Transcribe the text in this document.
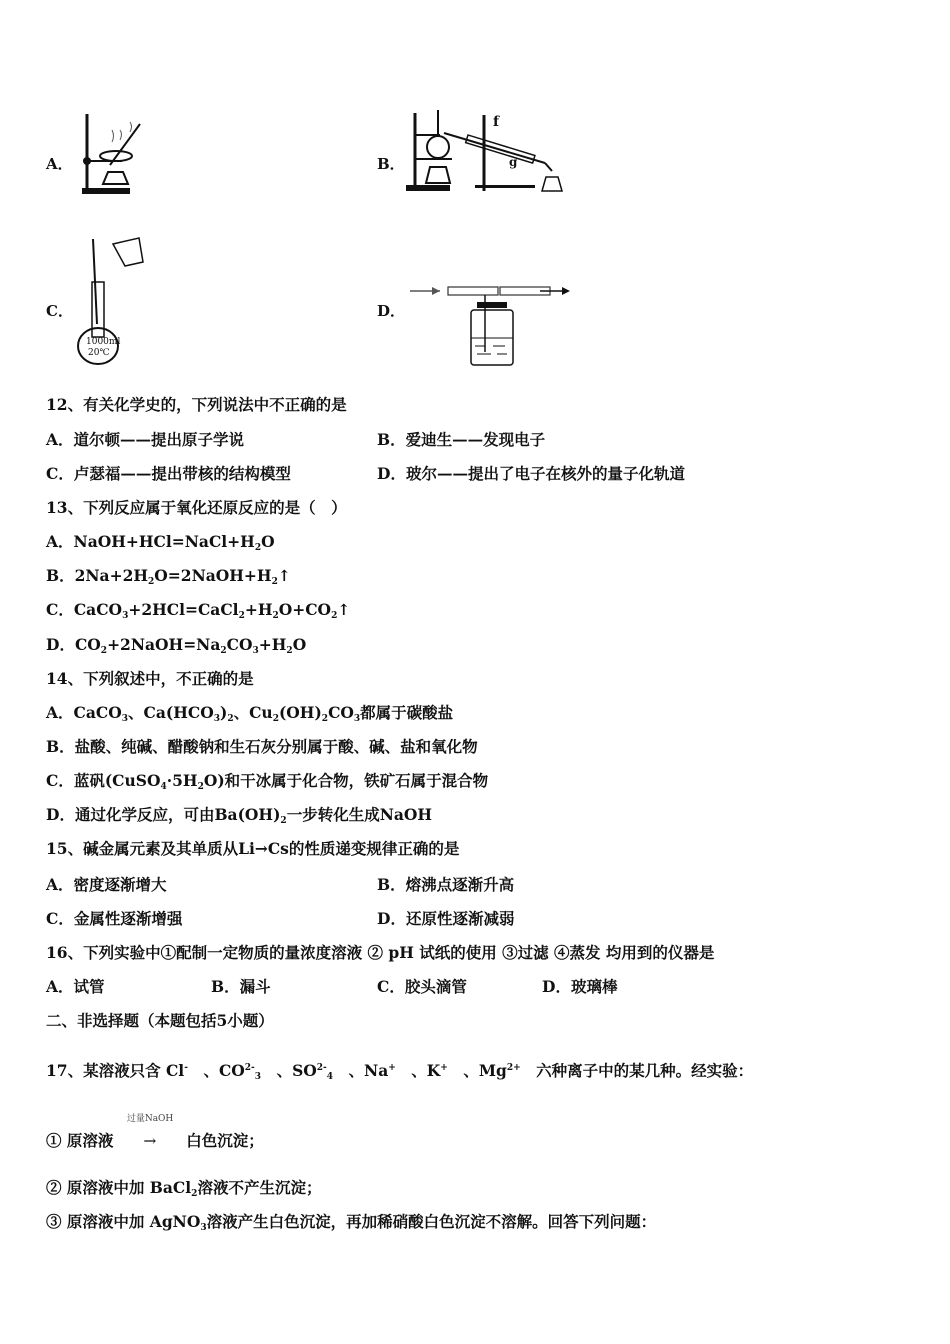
A．	B．
f
g
C．
1000ml
20℃
D．
12、有关化学史的，下列说法中不正确的是
A．道尔顿——提出原子学说	B．爱迪生——发现电子
C．卢瑟福——提出带核的结构模型	D．玻尔——提出了电子在核外的量子化轨道
13、下列反应属于氧化还原反应的是（　）
A．$NaOH+HCl=NaCl+H_2O$
B．$2Na+2H_2O=2NaOH+H_2↑$
C．$CaCO_3+2HCl=CaCl_2+H_2O+CO_2↑$
D．$CO_2+2NaOH=Na_2CO_3+H_2O$
14、下列叙述中，不正确的是
A．CaCO$_3$、$Ca(HCO_3)_2$、$Cu_2(OH)_2CO_3$都属于碳酸盐
B．盐酸、纯碱、醋酸钠和生石灰分别属于酸、碱、盐和氧化物
C．蓝矾$(CuSO_4\cdot 5H_2O)$和干冰属于化合物，铁矿石属于混合物
D．通过化学反应，可由$Ba(OH)_2$一步转化生成NaOH
15、碱金属元素及其单质从Li→Cs的性质递变规律正确的是
A．密度逐渐增大	B．熔沸点逐渐升高
C．金属性逐渐增强	D．还原性逐渐减弱
16、下列实验中①配制一定物质的量浓度溶液 ② pH 试纸的使用 ③过滤 ④蒸发 均用到的仪器是
A．试管	B．漏斗	C．胶头滴管	D．玻璃棒
二、非选择题（本题包括5小题）
17、某溶液只含 Cl-　、$CO^{2-}_3$　、$SO^{2-}_4$　、Na+　、K+　、$Mg^{2+}$　六种离子中的某几种。经实验：
① 原溶液
过量NaOH
→ 白色沉淀；
② 原溶液中加 BaCl$_2$溶液不产生沉淀；
③ 原溶液中加 AgNO$_3$溶液产生白色沉淀，再加稀硝酸白色沉淀不溶解。回答下列问题：
